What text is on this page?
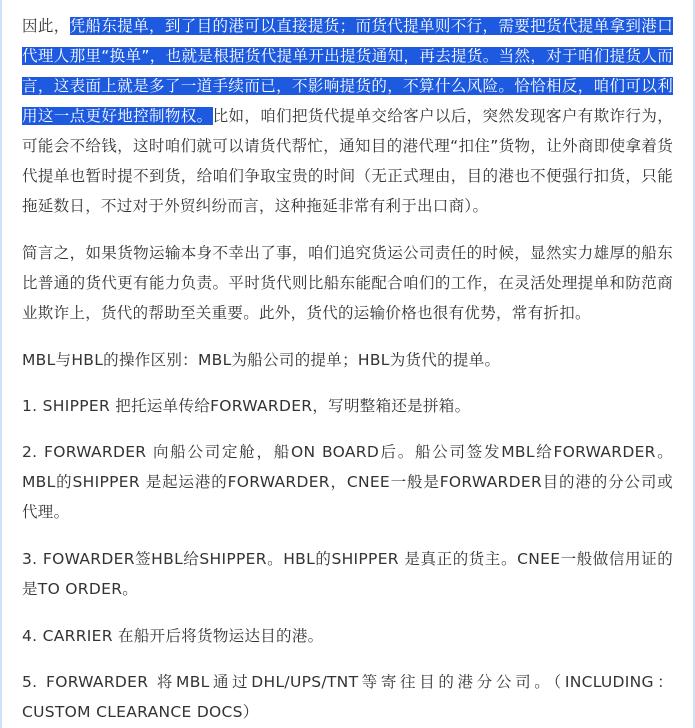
因此，凭船东提单，到了目的港可以直接提货；而货代提单则不行，需要把货代提单拿到港口代理人那里“换单”，也就是根据货代提单开出提货通知，再去提货。当然，对于咱们提货人而言，这表面上就是多了一道手续而已，不影响提货的，不算什么风险。恰恰相反，咱们可以利用这一点更好地控制物权。比如，咱们把货代提单交给客户以后，突然发现客户有欺诈行为，可能会不给钱，这时咱们就可以请货代帮忙，通知目的港代理“扣住”货物，让外商即使拿着货代提单也暂时提不到货，给咱们争取宝贵的时间（无正式理由，目的港也不便强行扣货，只能拖延数日，不过对于外贸纠纷而言，这种拖延非常有利于出口商）。

简言之，如果货物运输本身不幸出了事，咱们追究货运公司责任的时候，显然实力雄厚的船东比普通的货代更有能力负责。平时货代则比船东能配合咱们的工作，在灵活处理提单和防范商业欺诈上，货代的帮助至关重要。此外，货代的运输价格也很有优势，常有折扣。

MBL与HBL的操作区别：MBL为船公司的提单；HBL为货代的提单。

1. SHIPPER 把托运单传给FORWARDER，写明整箱还是拼箱。

2. FORWARDER 向船公司定舱，船ON BOARD后。船公司签发MBL给FORWARDER。MBL的SHIPPER 是起运港的FORWARDER，CNEE一般是FORWARDER目的港的分公司或代理。

3. FOWARDER签HBL给SHIPPER。HBL的SHIPPER 是真正的货主。CNEE一般做信用证的是TO ORDER。

4. CARRIER 在船开后将货物运达目的港。

5. FORWARDER 将MBL通过DHL/UPS/TNT等寄往目的港分公司。（INCLUDING：CUSTOM CLEARANCE DOCS）
